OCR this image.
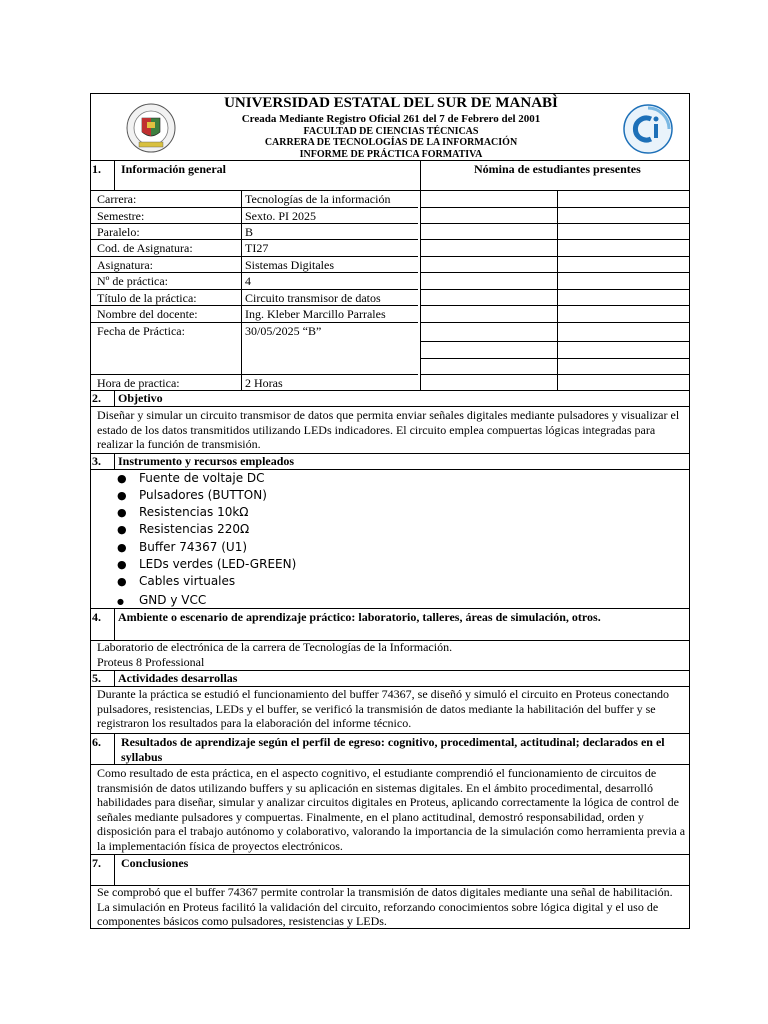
UNIVERSIDAD ESTATAL DEL SUR DE MANABÌ
Creada Mediante Registro Oficial 261 del 7 de Febrero del 2001
FACULTAD DE CIENCIAS TÉCNICAS
CARRERA DE TECNOLOGÍAS DE LA INFORMACIÓN
INFORME DE PRÁCTICA FORMATIVA
1. Información general	Nómina de estudiantes presentes
Carrera:	Tecnologías de la información
Semestre:	Sexto. PI 2025
Paralelo:	B
Cod. de Asignatura:	TI27
Asignatura:	Sistemas Digitales
Nº de práctica:	4
Título de la práctica:	Circuito transmisor de datos
Nombre del docente:	Ing. Kleber Marcillo Parrales
Fecha de Práctica:	30/05/2025 “B”
Hora de practica:	2 Horas
2. Objetivo
Diseñar y simular un circuito transmisor de datos que permita enviar señales digitales mediante pulsadores y visualizar el estado de los datos transmitidos utilizando LEDs indicadores. El circuito emplea compuertas lógicas integradas para realizar la función de transmisión.
3. Instrumento y recursos empleados
● Fuente de voltaje DC
● Pulsadores (BUTTON)
● Resistencias 10kΩ
● Resistencias 220Ω
● Buffer 74367 (U1)
● LEDs verdes (LED-GREEN)
● Cables virtuales
● GND y VCC
4. Ambiente o escenario de aprendizaje práctico: laboratorio, talleres, áreas de simulación, otros.
Laboratorio de electrónica de la carrera de Tecnologías de la Información.
Proteus 8 Professional
5. Actividades desarrollas
Durante la práctica se estudió el funcionamiento del buffer 74367, se diseñó y simuló el circuito en Proteus conectando pulsadores, resistencias, LEDs y el buffer, se verificó la transmisión de datos mediante la habilitación del buffer y se registraron los resultados para la elaboración del informe técnico.
6. Resultados de aprendizaje según el perfil de egreso: cognitivo, procedimental, actitudinal; declarados en el syllabus
Como resultado de esta práctica, en el aspecto cognitivo, el estudiante comprendió el funcionamiento de circuitos de transmisión de datos utilizando buffers y su aplicación en sistemas digitales. En el ámbito procedimental, desarrolló habilidades para diseñar, simular y analizar circuitos digitales en Proteus, aplicando correctamente la lógica de control de señales mediante pulsadores y compuertas. Finalmente, en el plano actitudinal, demostró responsabilidad, orden y disposición para el trabajo autónomo y colaborativo, valorando la importancia de la simulación como herramienta previa a la implementación física de proyectos electrónicos.
7. Conclusiones
Se comprobó que el buffer 74367 permite controlar la transmisión de datos digitales mediante una señal de habilitación. La simulación en Proteus facilitó la validación del circuito, reforzando conocimientos sobre lógica digital y el uso de componentes básicos como pulsadores, resistencias y LEDs.
